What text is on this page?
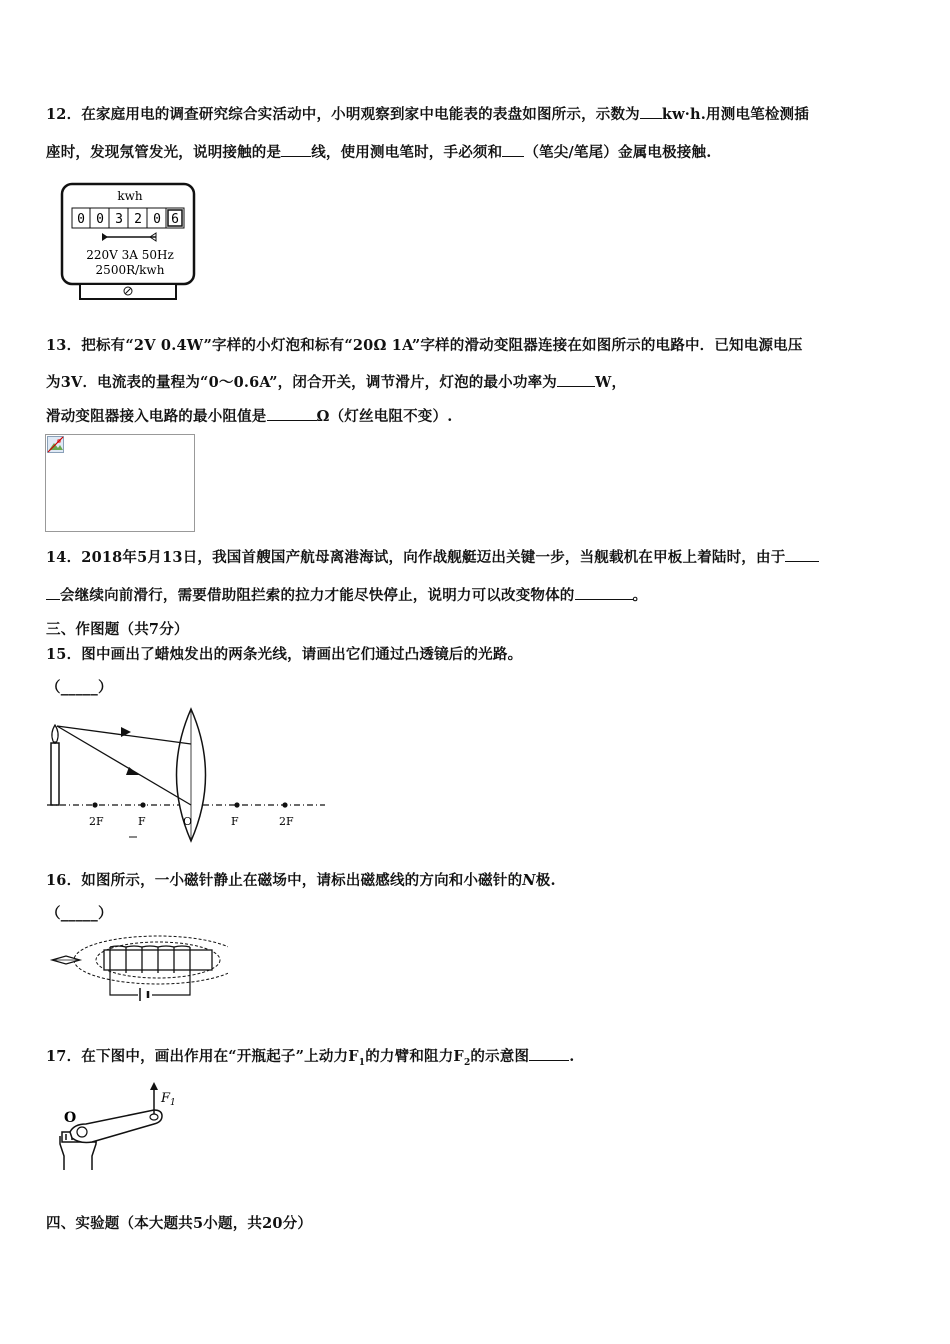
12．在家庭用电的调查研究综合实活动中，小明观察到家中电能表的表盘如图所示，示数为 kw·h.用测电笔检测插
座时，发现氖管发光，说明接触的是 线，使用测电笔时，手必须和 （笔尖/笔尾）金属电极接触.
kwh
0 0 3 2 0 6
220V 3A 50Hz
2500R/kwh
13．把标有“2V 0.4W”字样的小灯泡和标有“20Ω 1A”字样的滑动变阻器连接在如图所示的电路中．已知电源电压
为3V．电流表的量程为“0～0.6A”，闭合开关，调节滑片，灯泡的最小功率为	W，
滑动变阻器接入电路的最小阻值是	Ω（灯丝电阻不变）.
14．2018年5月13日，我国首艘国产航母离港海试，向作战舰艇迈出关键一步，当舰载机在甲板上着陆时，由于
会继续向前滑行，需要借助阻拦索的拉力才能尽快停止，说明力可以改变物体的	。
三、作图题（共7分）
15．图中画出了蜡烛发出的两条光线，请画出它们通过凸透镜后的光路。
（_____）
2F	F	O	F	2F
16．如图所示，一小磁针静止在磁场中，请标出磁感线的方向和小磁针的N极.
（_____）
17．在下图中，画出作用在“开瓶起子”上动力$F_1$的力臂和阻力$F_2$的示意图	.
O
$F_1$
四、实验题（本大题共5小题，共20分）
